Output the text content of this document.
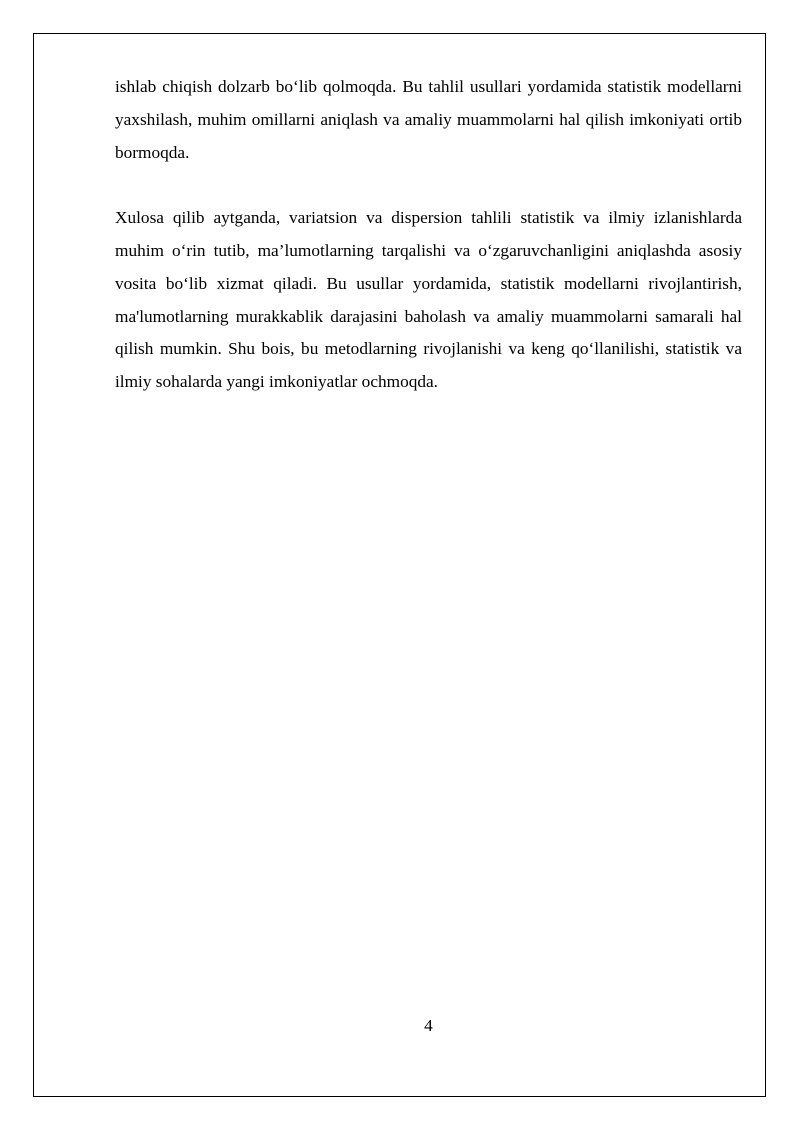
ishlab chiqish dolzarb bo‘lib qolmoqda. Bu tahlil usullari yordamida statistik modellarni yaxshilash, muhim omillarni aniqlash va amaliy muammolarni hal qilish imkoniyati ortib bormoqda.

Xulosa qilib aytganda, variatsion va dispersion tahlili statistik va ilmiy izlanishlarda muhim o‘rin tutib, ma’lumotlarning tarqalishi va o‘zgaruvchanligini aniqlashda asosiy vosita bo‘lib xizmat qiladi. Bu usullar yordamida, statistik modellarni rivojlantirish, ma'lumotlarning murakkablik darajasini baholash va amaliy muammolarni samarali hal qilish mumkin. Shu bois, bu metodlarning rivojlanishi va keng qo‘llanilishi, statistik va ilmiy sohalarda yangi imkoniyatlar ochmoqda.

4
